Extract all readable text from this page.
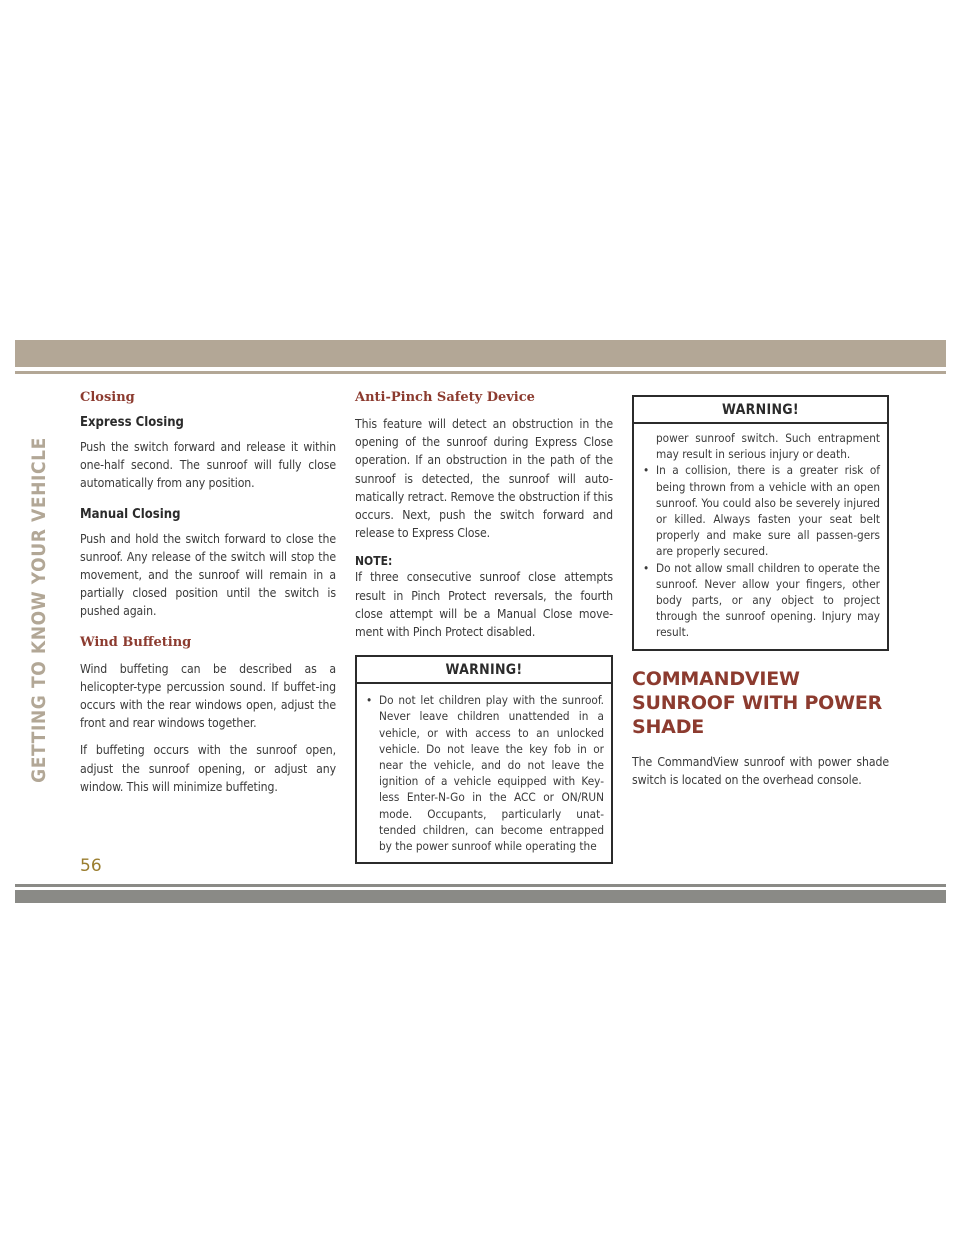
GETTING TO KNOW YOUR VEHICLE
Closing
Express Closing

Push the switch forward and release it within one-half second. The sunroof will fully close automatically from any position.

Manual Closing

Push and hold the switch forward to close the sunroof. Any release of the switch will stop the movement, and the sunroof will remain in a partially closed position until the switch is pushed again.

Wind Buffeting

Wind buffeting can be described as a helicopter-type percussion sound. If buffet-ing occurs with the rear windows open, adjust the front and rear windows together.

If buffeting occurs with the sunroof open, adjust the sunroof opening, or adjust any window. This will minimize buffeting.

Anti-Pinch Safety Device

This feature will detect an obstruction in the opening of the sunroof during Express Close operation. If an obstruction in the path of the sunroof is detected, the sunroof will auto-matically retract. Remove the obstruction if this occurs. Next, push the switch forward and release to Express Close.

NOTE:

If three consecutive sunroof close attempts result in Pinch Protect reversals, the fourth close attempt will be a Manual Close move-ment with Pinch Protect disabled.

WARNING!

• Do not let children play with the sunroof. Never leave children unattended in a vehicle, or with access to an unlocked vehicle. Do not leave the key fob in or near the vehicle, and do not leave the ignition of a vehicle equipped with Key-less Enter-N-Go in the ACC or ON/RUN mode. Occupants, particularly unat-tended children, can become entrapped by the power sunroof while operating the

WARNING!

power sunroof switch. Such entrapment may result in serious injury or death.

• In a collision, there is a greater risk of being thrown from a vehicle with an open sunroof. You could also be severely injured or killed. Always fasten your seat belt properly and make sure all passen-gers are properly secured.

• Do not allow small children to operate the sunroof. Never allow your fingers, other body parts, or any object to project through the sunroof opening. Injury may result.

COMMANDVIEW SUNROOF WITH POWER SHADE

The CommandView sunroof with power shade switch is located on the overhead console.

56
